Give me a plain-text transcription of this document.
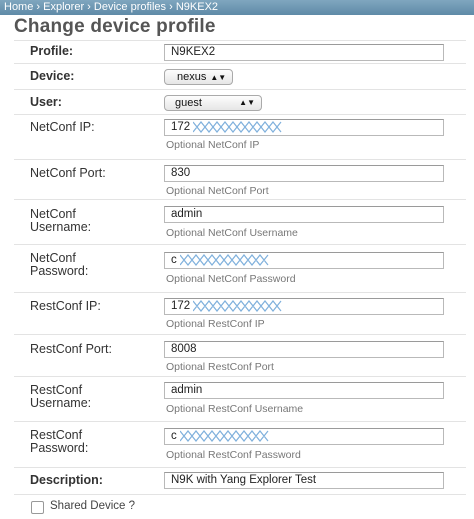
Home › Explorer › Device profiles › N9KEX2
Change device profile
Profile:	N9KEX2
Device:	nexus ▲▼
User:	guest	▲▼
NetConf IP:	172
Optional NetConf IP
NetConf Port:	830
Optional NetConf Port
NetConf
Username:
admin
Optional NetConf Username
NetConf
Password:
c
Optional NetConf Password
RestConf IP:	172
Optional RestConf IP
RestConf Port:	8008
Optional RestConf Port
RestConf
Username:
admin
Optional RestConf Username
RestConf
Password:
c
Optional RestConf Password
Description:	N9K with Yang Explorer Test
Shared Device ?
